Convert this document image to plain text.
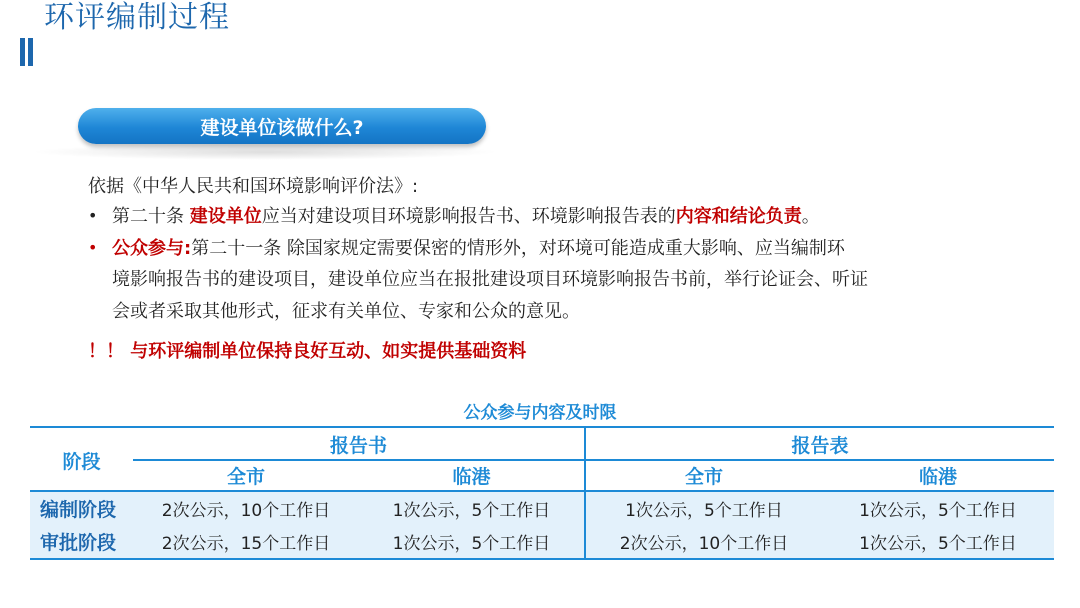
环评编制过程
建设单位该做什么?
依据《中华人民共和国环境影响评价法》:
• 第二十条 建设单位应当对建设项目环境影响报告书、环境影响报告表的内容和结论负责。
• 公众参与:第二十一条 除国家规定需要保密的情形外，对环境可能造成重大影响、应当编制环
境影响报告书的建设项目，建设单位应当在报批建设项目环境影响报告书前，举行论证会、听证
会或者采取其他形式，征求有关单位、专家和公众的意见。
！！ 与环评编制单位保持良好互动、如实提供基础资料
公众参与内容及时限
阶段
报告书	报告表
全市	临港	全市	临港
编制阶段	2次公示，10个工作日	1次公示，5个工作日	1次公示，5个工作日	1次公示，5个工作日
审批阶段	2次公示，15个工作日	1次公示，5个工作日	2次公示，10个工作日	1次公示，5个工作日
